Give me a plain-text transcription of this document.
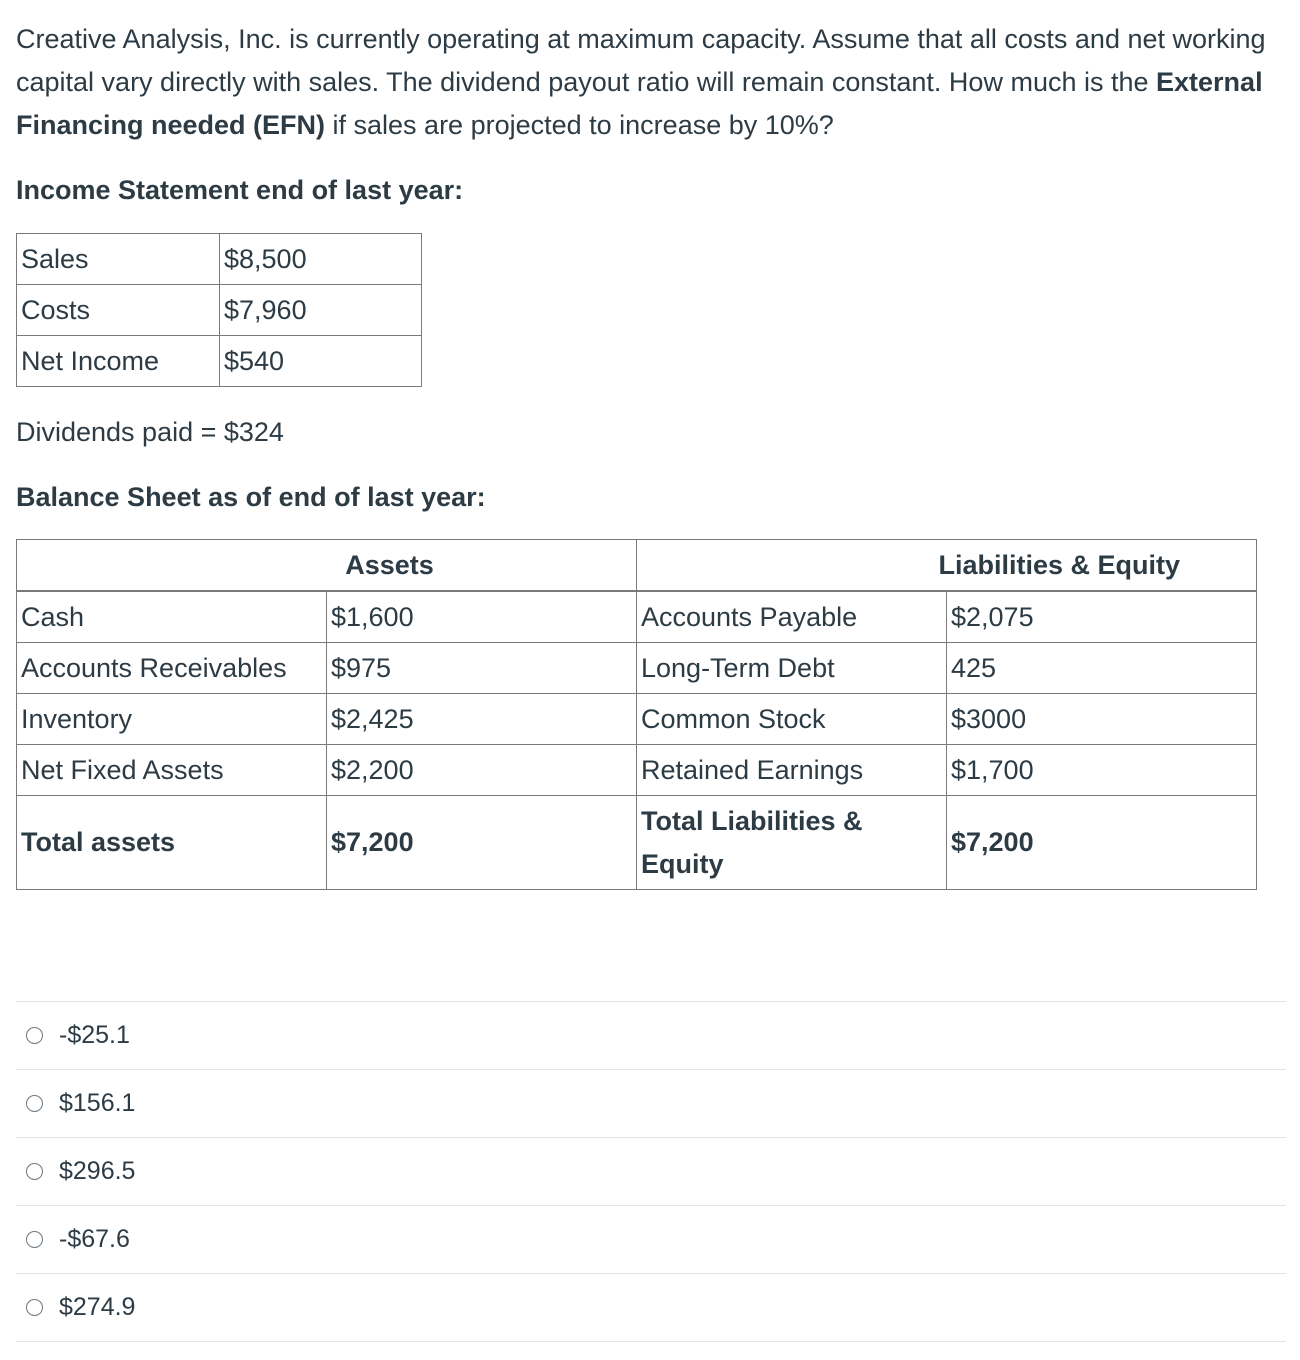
Creative Analysis, Inc. is currently operating at maximum capacity. Assume that all costs and net working capital vary directly with sales. The dividend payout ratio will remain constant. How much is the External Financing needed (EFN) if sales are projected to increase by 10%?
Income Statement end of last year:
Sales	$8,500
Costs	$7,960
Net Income	$540
Dividends paid = $324
Balance Sheet as of end of last year:
Assets		Liabilities & Equity	
Cash	$1,600	Accounts Payable	$2,075
Accounts Receivables	$975	Long-Term Debt	425
Inventory	$2,425	Common Stock	$3000
Net Fixed Assets	$2,200	Retained Earnings	$1,700
Total assets	$7,200	Total Liabilities & Equity	$7,200
-$25.1
$156.1
$296.5
-$67.6
$274.9
